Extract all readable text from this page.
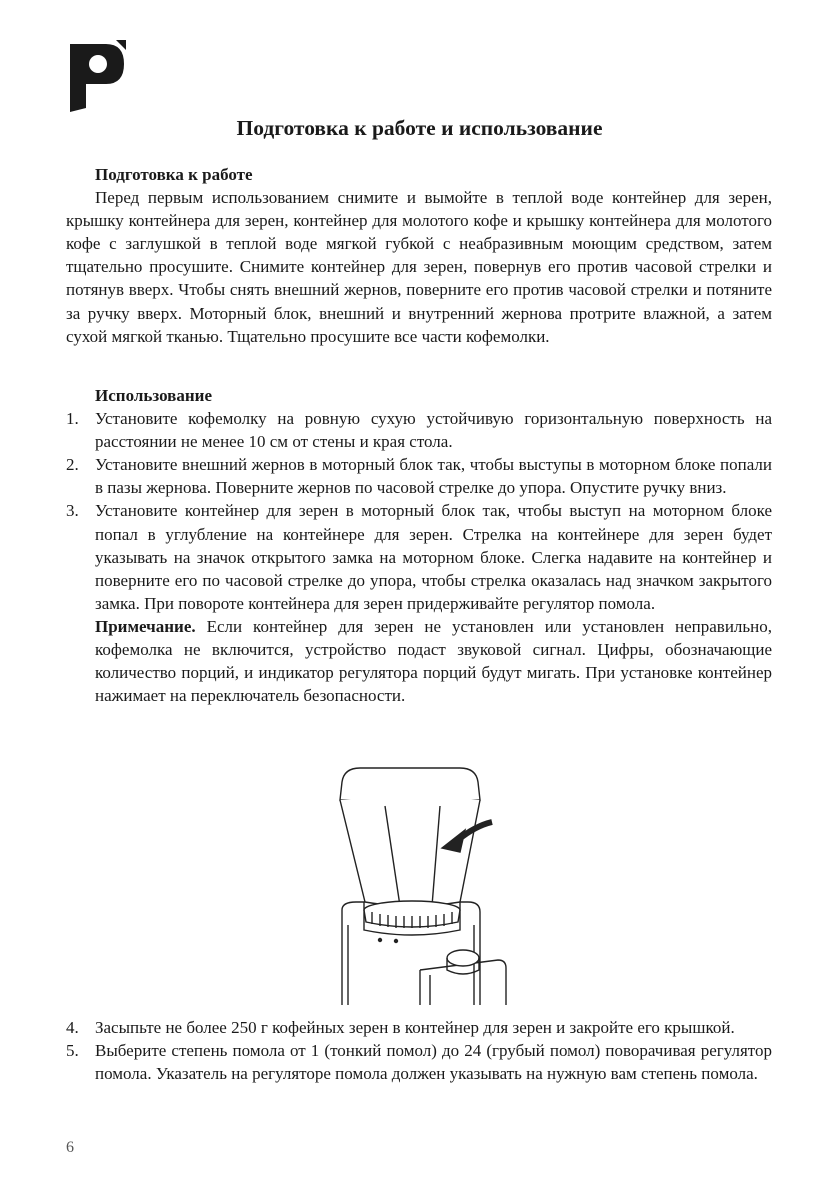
Подготовка к работе и использование

Подготовка к работе

Перед первым использованием снимите и вымойте в теплой воде контейнер для зерен, крышку контейнера для зерен, контейнер для молотого кофе и крышку контейнера для молотого кофе с заглушкой в теплой воде мягкой губкой с неабразивным моющим средством, затем тщательно просушите. Снимите контейнер для зерен, повернув его против часовой стрелки и потянув вверх. Чтобы снять внешний жернов, поверните его против часовой стрелки и потяните за ручку вверх. Моторный блок, внешний и внутренний жернова протрите влажной, а затем сухой мягкой тканью. Тщательно просушите все части кофемолки.

Использование

1. Установите кофемолку на ровную сухую устойчивую горизонтальную поверхность на расстоянии не менее 10 см от стены и края стола.
2. Установите внешний жернов в моторный блок так, чтобы выступы в моторном блоке попали в пазы жернова. Поверните жернов по часовой стрелке до упора. Опустите ручку вниз.
3. Установите контейнер для зерен в моторный блок так, чтобы выступ на моторном блоке попал в углубление на контейнере для зерен. Стрелка на контейнере для зерен будет указывать на значок открытого замка на моторном блоке. Слегка надавите на контейнер и поверните его по часовой стрелке до упора, чтобы стрелка оказалась над значком закрытого замка. При повороте контейнера для зерен придерживайте регулятор помола.

Примечание. Если контейнер для зерен не установлен или установлен неправильно, кофемолка не включится, устройство подаст звуковой сигнал. Цифры, обозначающие количество порций, и индикатор регулятора порций будут мигать. При установке контейнер нажимает на переключатель безопасности.

4. Засыпьте не более 250 г кофейных зерен в контейнер для зерен и закройте его крышкой.
5. Выберите степень помола от 1 (тонкий помол) до 24 (грубый помол) поворачивая регулятор помола. Указатель на регуляторе помола должен указывать на нужную вам степень помола.
6
